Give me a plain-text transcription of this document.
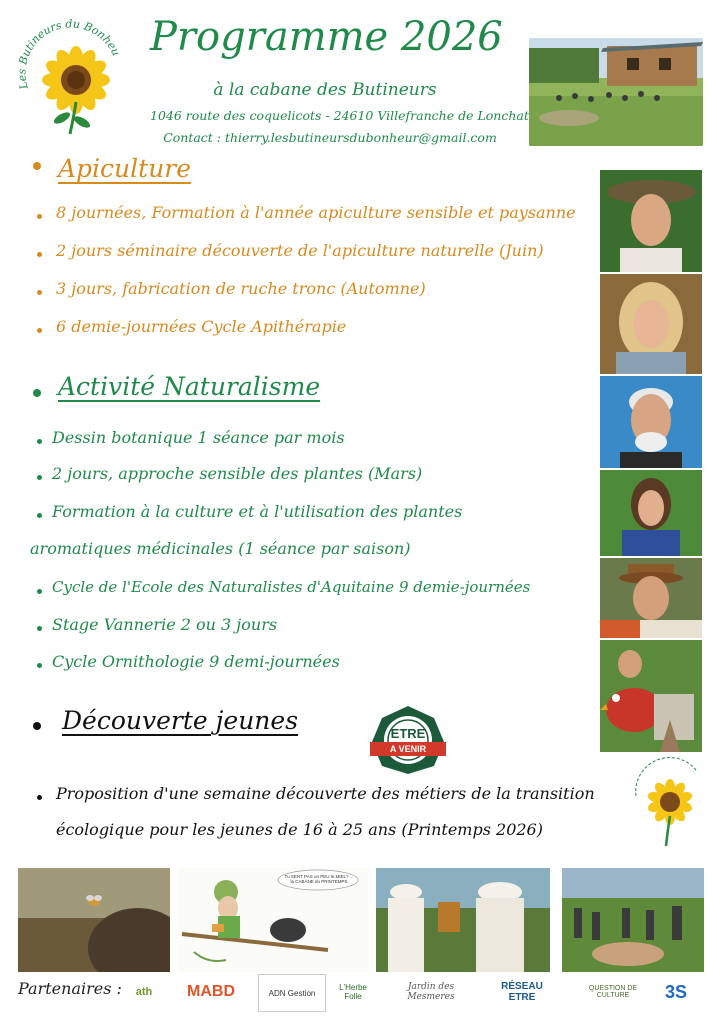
Les Butineurs du Bonheu Programme 2026
à la cabane des Butineurs
1046 route des coquelicots - 24610 Villefranche de Lonchat
Contact : thierry.lesbutineursdubonheur@gmail.com
Apiculture
8 journées, Formation à l'année apiculture sensible et paysanne
2 jours séminaire découverte de l'apiculture naturelle (Juin)
3 jours, fabrication de ruche tronc (Automne)
6 demie-journées Cycle Apithérapie
Activité Naturalisme
Dessin botanique 1 séance par mois
2 jours, approche sensible des plantes (Mars)
Formation à la culture et à l'utilisation des plantes
aromatiques médicinales (1 séance par saison)
Cycle de l'Ecole des Naturalistes d'Aquitaine 9 demie-journées
Stage Vannerie 2 ou 3 jours
Cycle Ornithologie 9 demi-journées
Découverte jeunes	ETRE
A VENIR
Proposition d'une semaine découverte des métiers de la transition
écologique pour les jeunes de 16 à 25 ans (Printemps 2026)
Tu SENT PAS un PEU le MIEL? ... la CABANE du PRINTEMPS
Partenaires :	ath	MABD	ADN Gestion
L'Herbe Folle
Jardin des Mesmeres
RÉSEAU ETRE
QUESTION DE CULTURE	3S
